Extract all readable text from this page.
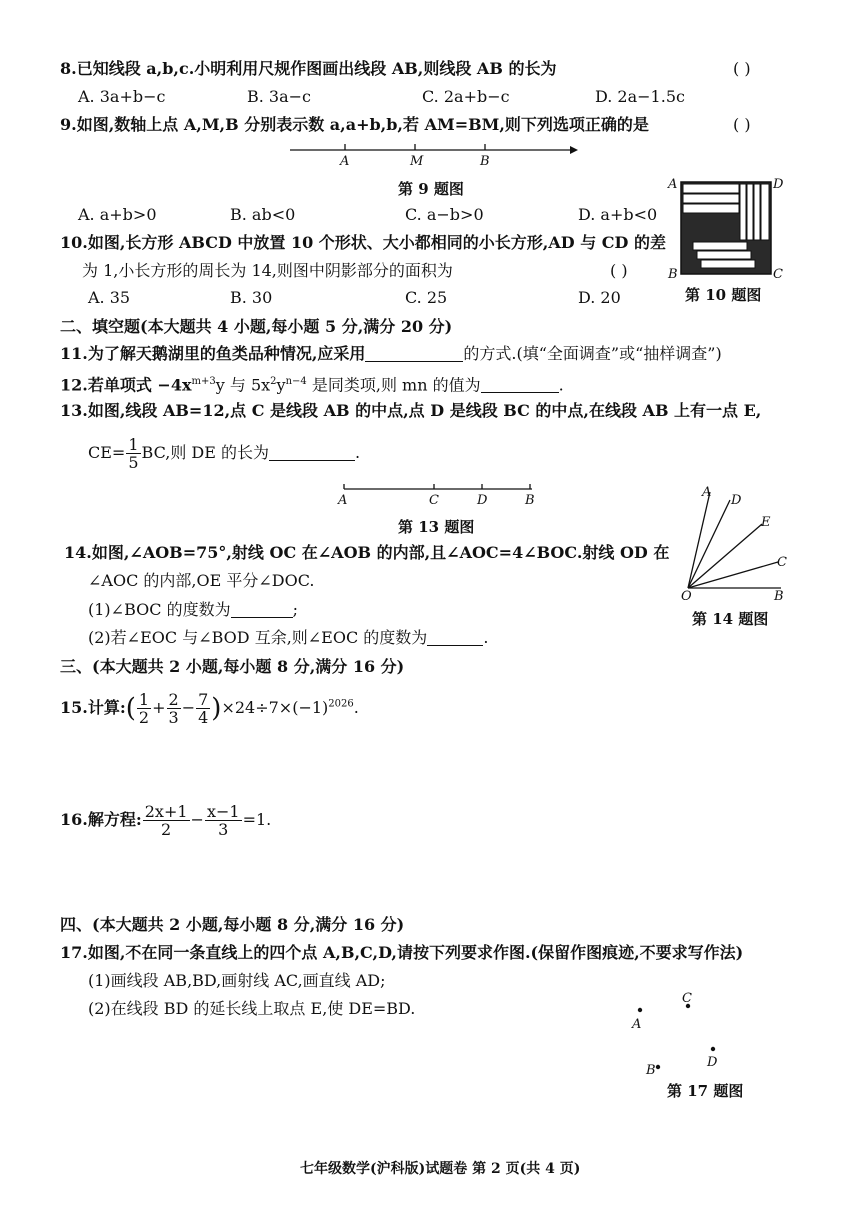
8.已知线段 a,b,c.小明利用尺规作图画出线段 AB,则线段 AB 的长为	( )
A. 3a+b−c	B. 3a−c	C. 2a+b−c	D. 2a−1.5c
9.如图,数轴上点 A,M,B 分别表示数 a,a+b,b,若 AM=BM,则下列选项正确的是	( )
A	M	B
第 9 题图
A. a+b>0	B. ab<0	C. a−b>0	D. a+b<0
A	D
B	C
第 10 题图
10.如图,长方形 ABCD 中放置 10 个形状、大小都相同的小长方形,AD 与 CD 的差
为 1,小长方形的周长为 14,则图中阴影部分的面积为	( )
A. 35	B. 30	C. 25	D. 20
二、填空题(本大题共 4 小题,每小题 5 分,满分 20 分)
11.为了解天鹅湖里的鱼类品种情况,应采用	的方式.(填“全面调查”或“抽样调查”)
12.若单项式 $-4x^{m+3}y$ 与 $5x^2y^{n-4}$ 是同类项,则 mn 的值为	.
13.如图,线段 AB=12,点 C 是线段 AB 的中点,点 D 是线段 BC 的中点,在线段 AB 上有一点 E,
$CE= \frac{1}{5}$ BC,则 DE 的长为	.
A	C	D	B
第 13 题图
A
D
E
C
O	B
第 14 题图
14.如图,∠AOB=75°,射线 OC 在∠AOB 的内部,且∠AOC=4∠BOC.射线 OD 在
∠AOC 的内部,OE 平分∠DOC.
(1)∠BOC 的度数为	;
(2)若∠EOC 与∠BOD 互余,则∠EOC 的度数为	.
三、(本大题共 2 小题,每小题 8 分,满分 16 分)
15.计算:( $\frac{1}{2} + \frac{2}{3} - \frac{7}{4} )\times 24\div 7\times(-1)^{2026}$.
16.解方程: $\frac{2x+1}{2} - \frac{x-1}{3} =1$.
四、(本大题共 2 小题,每小题 8 分,满分 16 分)
17.如图,不在同一条直线上的四个点 A,B,C,D,请按下列要求作图.(保留作图痕迹,不要求写作法)
(1)画线段 AB,BD,画射线 AC,画直线 AD;
(2)在线段 BD 的延长线上取点 E,使 DE=BD.
A
C
B
D
第 17 题图
七年级数学(沪科版)试题卷 第 2 页(共 4 页)
